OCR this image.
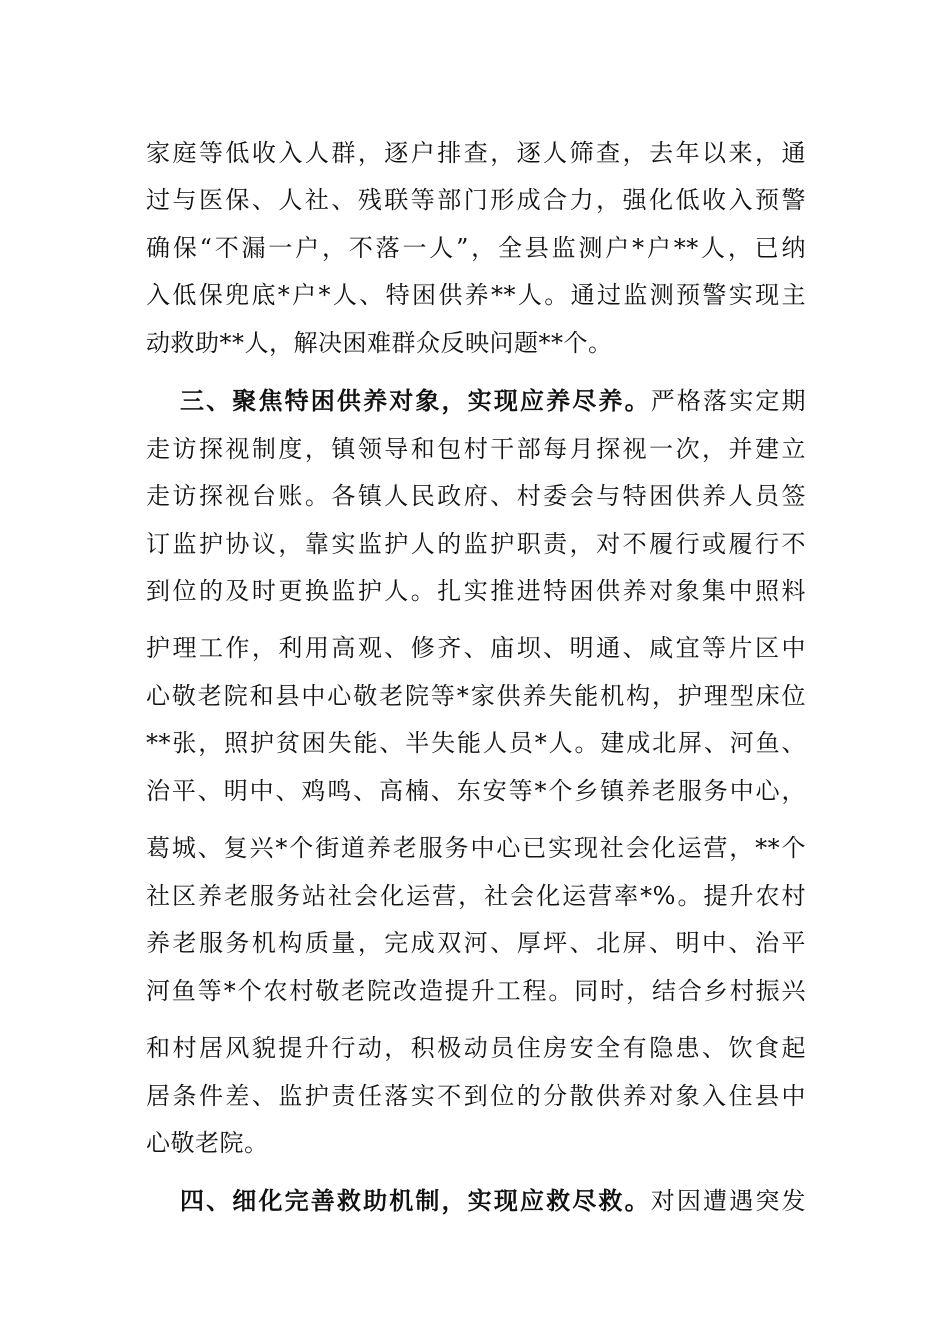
家庭等低收入人群，逐户排查，逐人筛查，去年以来，通
过与医保、人社、残联等部门形成合力，强化低收入预警
确保“不漏一户，不落一人”，全县监测户*户**人，已纳
入低保兜底*户*人、特困供养**人。通过监测预警实现主
动救助**人，解决困难群众反映问题**个。
三、聚焦特困供养对象，实现应养尽养。严格落实定期
走访探视制度，镇领导和包村干部每月探视一次，并建立
走访探视台账。各镇人民政府、村委会与特困供养人员签
订监护协议，靠实监护人的监护职责，对不履行或履行不
到位的及时更换监护人。扎实推进特困供养对象集中照料
护理工作，利用高观、修齐、庙坝、明通、咸宜等片区中
心敬老院和县中心敬老院等*家供养失能机构，护理型床位
**张，照护贫困失能、半失能人员*人。建成北屏、河鱼、
治平、明中、鸡鸣、高楠、东安等*个乡镇养老服务中心，
葛城、复兴*个街道养老服务中心已实现社会化运营，**个
社区养老服务站社会化运营，社会化运营率*%。提升农村
养老服务机构质量，完成双河、厚坪、北屏、明中、治平
河鱼等*个农村敬老院改造提升工程。同时，结合乡村振兴
和村居风貌提升行动，积极动员住房安全有隐患、饮食起
居条件差、监护责任落实不到位的分散供养对象入住县中
心敬老院。
四、细化完善救助机制，实现应救尽救。对因遭遇突发
